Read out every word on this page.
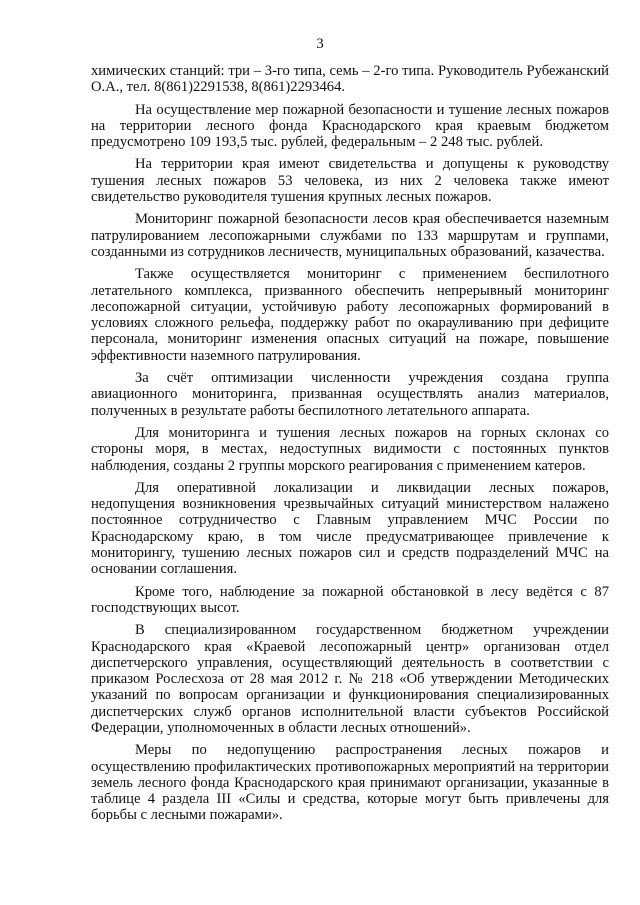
3

химических станций: три – 3-го типа, семь – 2-го типа. Руководитель Рубежанский О.А., тел. 8(861)2291538, 8(861)2293464.

На осуществление мер пожарной безопасности и тушение лесных пожаров на территории лесного фонда Краснодарского края краевым бюджетом предусмотрено 109 193,5 тыс. рублей, федеральным – 2 248 тыс. рублей.

На территории края имеют свидетельства и допущены к руководству тушения лесных пожаров 53 человека, из них 2 человека также имеют свидетельство руководителя тушения крупных лесных пожаров.

Мониторинг пожарной безопасности лесов края обеспечивается наземным патрулированием лесопожарными службами по 133 маршрутам и группами, созданными из сотрудников лесничеств, муниципальных образований, казачества.

Также осуществляется мониторинг с применением беспилотного летательного комплекса, призванного обеспечить непрерывный мониторинг лесопожарной ситуации, устойчивую работу лесопожарных формирований в условиях сложного рельефа, поддержку работ по окарауливанию при дефиците персонала, мониторинг изменения опасных ситуаций на пожаре, повышение эффективности наземного патрулирования.

За счёт оптимизации численности учреждения создана группа авиационного мониторинга, призванная осуществлять анализ материалов, полученных в результате работы беспилотного летательного аппарата.

Для мониторинга и тушения лесных пожаров на горных склонах со стороны моря, в местах, недоступных видимости с постоянных пунктов наблюдения, созданы 2 группы морского реагирования с применением катеров.

Для оперативной локализации и ликвидации лесных пожаров, недопущения возникновения чрезвычайных ситуаций министерством налажено постоянное сотрудничество с Главным управлением МЧС России по Краснодарскому краю, в том числе предусматривающее привлечение к мониторингу, тушению лесных пожаров сил и средств подразделений МЧС на основании соглашения.

Кроме того, наблюдение за пожарной обстановкой в лесу ведётся с 87 господствующих высот.

В специализированном государственном бюджетном учреждении Краснодарского края «Краевой лесопожарный центр» организован отдел диспетчерского управления, осуществляющий деятельность в соответствии с приказом Рослесхоза от 28 мая 2012 г. № 218 «Об утверждении Методических указаний по вопросам организации и функционирования специализированных диспетчерских служб органов исполнительной власти субъектов Российской Федерации, уполномоченных в области лесных отношений».

Меры по недопущению распространения лесных пожаров и осуществлению профилактических противопожарных мероприятий на территории земель лесного фонда Краснодарского края принимают организации, указанные в таблице 4 раздела III «Силы и средства, которые могут быть привлечены для борьбы с лесными пожарами».
